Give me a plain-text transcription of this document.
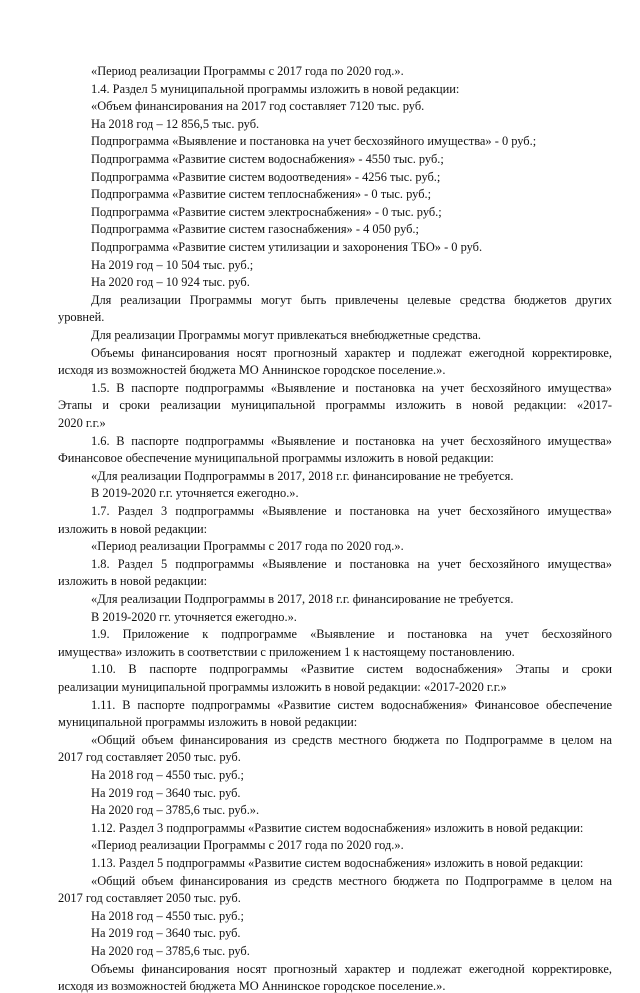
«Период реализации Программы с 2017 года по 2020 год.».
1.4. Раздел 5 муниципальной программы изложить в новой редакции:
«Объем финансирования на 2017 год составляет 7120 тыс. руб.
На 2018 год – 12 856,5 тыс. руб.
Подпрограмма «Выявление и постановка на учет бесхозяйного имущества» - 0 руб.;
Подпрограмма «Развитие систем водоснабжения» - 4550 тыс. руб.;
Подпрограмма «Развитие систем водоотведения» - 4256 тыс. руб.;
Подпрограмма «Развитие систем теплоснабжения» - 0 тыс. руб.;
Подпрограмма «Развитие систем электроснабжения» - 0 тыс. руб.;
Подпрограмма «Развитие систем газоснабжения» - 4 050 руб.;
Подпрограмма «Развитие систем утилизации и захоронения ТБО» - 0 руб.
На 2019 год – 10 504 тыс. руб.;
На 2020 год – 10 924 тыс. руб.
Для реализации Программы могут быть привлечены целевые средства бюджетов других
уровней.
Для реализации Программы могут привлекаться внебюджетные средства.
Объемы финансирования носят прогнозный характер и подлежат ежегодной корректировке,
исходя из возможностей бюджета МО Аннинское городское поселение.».
1.5. В паспорте подпрограммы «Выявление и постановка на учет бесхозяйного имущества»
Этапы и сроки реализации муниципальной программы изложить в новой редакции: «2017-
2020 г.г.»
1.6. В паспорте подпрограммы «Выявление и постановка на учет бесхозяйного имущества»
Финансовое обеспечение муниципальной программы изложить в новой редакции:
«Для реализации Подпрограммы в 2017, 2018 г.г. финансирование не требуется.
В 2019-2020 г.г. уточняется ежегодно.».
1.7. Раздел 3 подпрограммы «Выявление и постановка на учет бесхозяйного имущества»
изложить в новой редакции:
«Период реализации Программы с 2017 года по 2020 год.».
1.8. Раздел 5 подпрограммы «Выявление и постановка на учет бесхозяйного имущества»
изложить в новой редакции:
«Для реализации Подпрограммы в 2017, 2018 г.г. финансирование не требуется.
В 2019-2020 гг. уточняется ежегодно.».
1.9. Приложение к подпрограмме «Выявление и постановка на учет бесхозяйного
имущества» изложить в соответствии с приложением 1 к настоящему постановлению.
1.10. В паспорте подпрограммы «Развитие систем водоснабжения» Этапы и сроки
реализации муниципальной программы изложить в новой редакции: «2017-2020 г.г.»
1.11. В паспорте подпрограммы «Развитие систем водоснабжения» Финансовое обеспечение
муниципальной программы изложить в новой редакции:
«Общий объем финансирования из средств местного бюджета по Подпрограмме в целом на
2017 год составляет 2050 тыс. руб.
На 2018 год – 4550 тыс. руб.;
На 2019 год – 3640 тыс. руб.
На 2020 год – 3785,6 тыс. руб.».
1.12. Раздел 3 подпрограммы «Развитие систем водоснабжения» изложить в новой редакции:
«Период реализации Программы с 2017 года по 2020 год.».
1.13. Раздел 5 подпрограммы «Развитие систем водоснабжения» изложить в новой редакции:
«Общий объем финансирования из средств местного бюджета по Подпрограмме в целом на
2017 год составляет 2050 тыс. руб.
На 2018 год – 4550 тыс. руб.;
На 2019 год – 3640 тыс. руб.
На 2020 год – 3785,6 тыс. руб.
Объемы финансирования носят прогнозный характер и подлежат ежегодной корректировке,
исходя из возможностей бюджета МО Аннинское городское поселение.».
